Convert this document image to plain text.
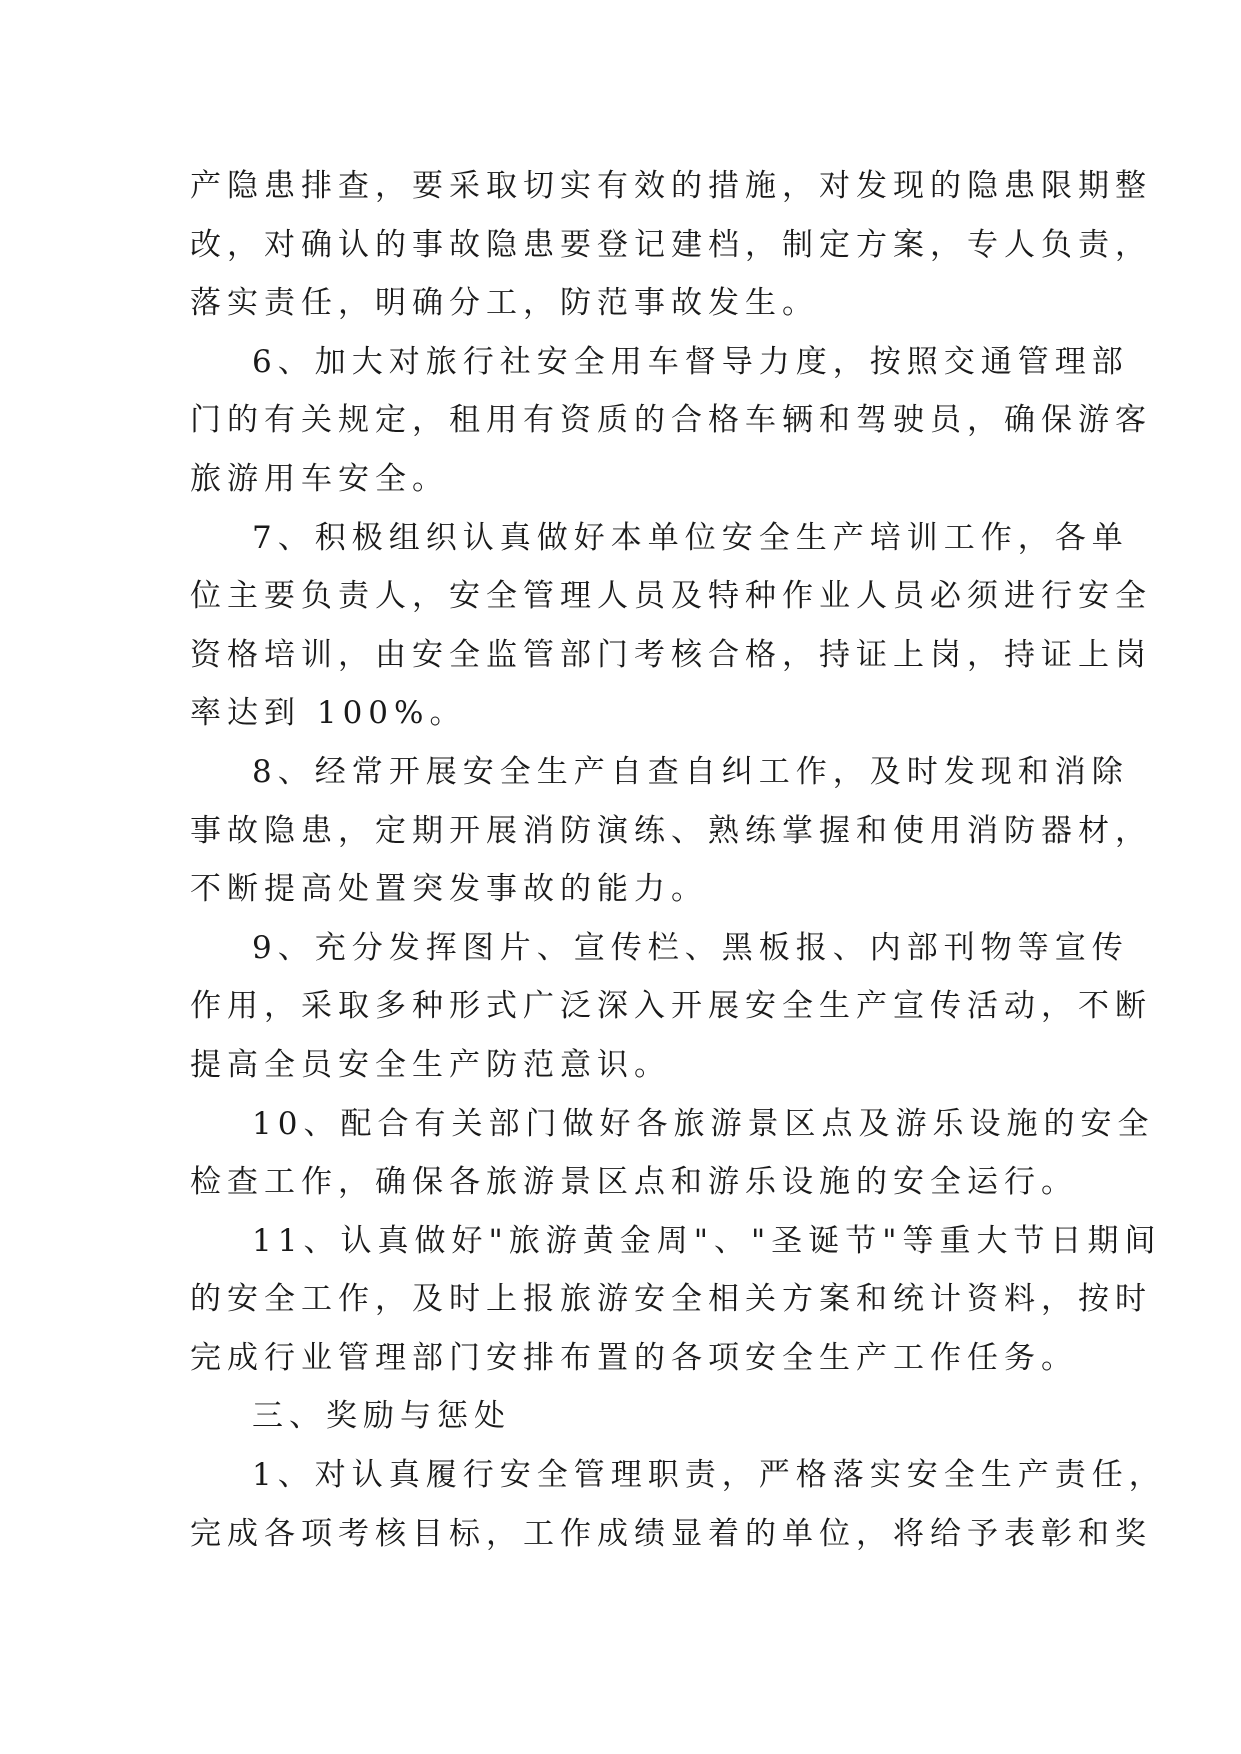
产隐患排查，要采取切实有效的措施，对发现的隐患限期整
改，对确认的事故隐患要登记建档，制定方案，专人负责，
落实责任，明确分工，防范事故发生。
6、加大对旅行社安全用车督导力度，按照交通管理部
门的有关规定，租用有资质的合格车辆和驾驶员，确保游客
旅游用车安全。
7、积极组织认真做好本单位安全生产培训工作，各单
位主要负责人，安全管理人员及特种作业人员必须进行安全
资格培训，由安全监管部门考核合格，持证上岗，持证上岗
率达到 100%。
8、经常开展安全生产自查自纠工作，及时发现和消除
事故隐患，定期开展消防演练、熟练掌握和使用消防器材，
不断提高处置突发事故的能力。
9、充分发挥图片、宣传栏、黑板报、内部刊物等宣传
作用，采取多种形式广泛深入开展安全生产宣传活动，不断
提高全员安全生产防范意识。
10、配合有关部门做好各旅游景区点及游乐设施的安全
检查工作，确保各旅游景区点和游乐设施的安全运行。
11、认真做好"旅游黄金周"、"圣诞节"等重大节日期间
的安全工作，及时上报旅游安全相关方案和统计资料，按时
完成行业管理部门安排布置的各项安全生产工作任务。
三、奖励与惩处
1、对认真履行安全管理职责，严格落实安全生产责任，
完成各项考核目标，工作成绩显着的单位，将给予表彰和奖
